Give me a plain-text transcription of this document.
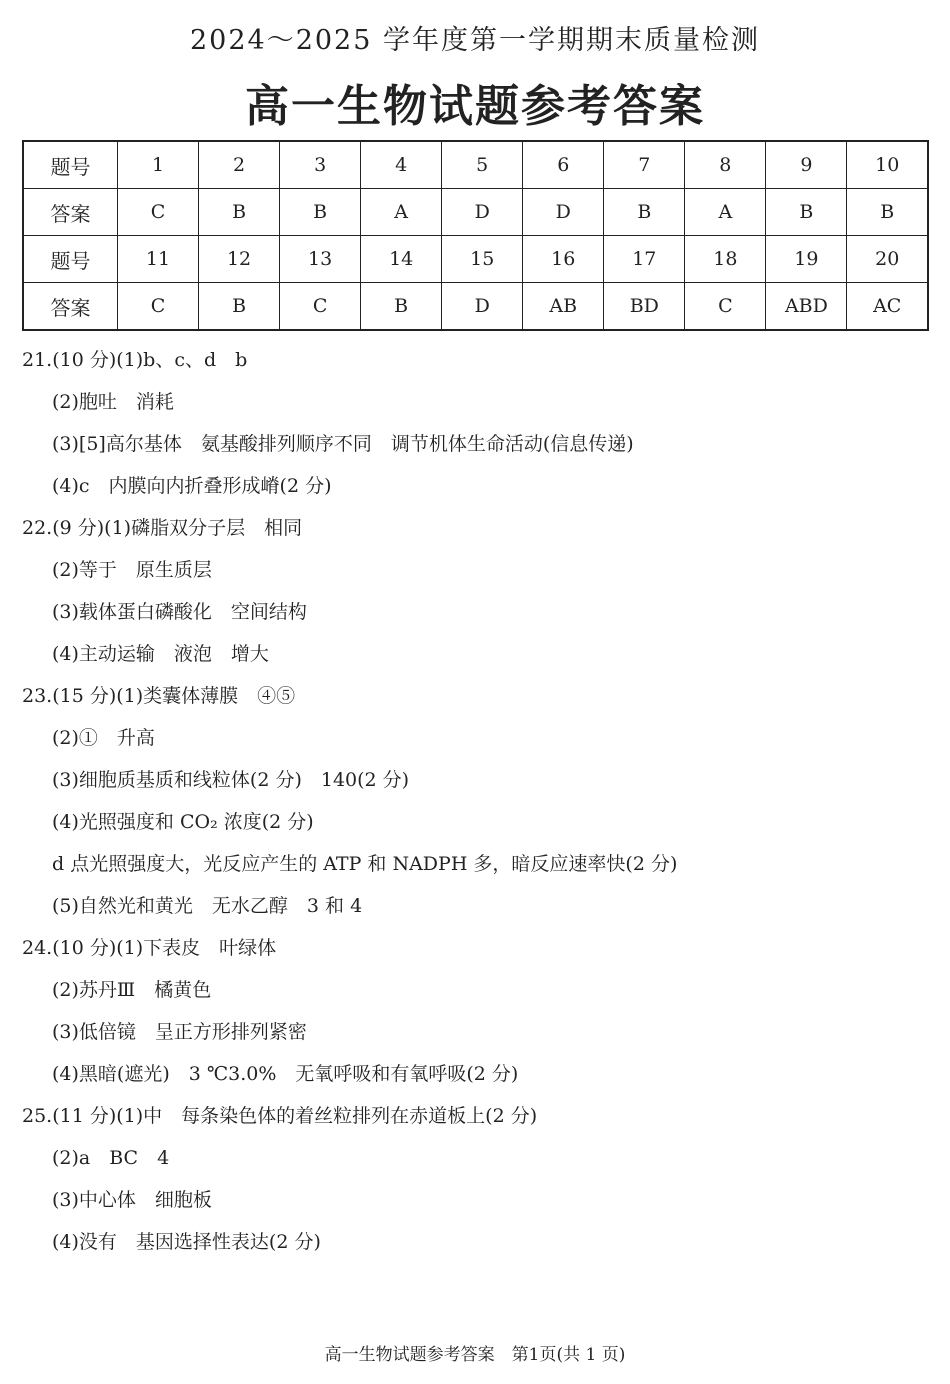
2024～2025 学年度第一学期期末质量检测
高一生物试题参考答案
题号	1	2	3	4	5	6	7	8	9	10
答案	C	B	B	A	D	D	B	A	B	B
题号	11	12	13	14	15	16	17	18	19	20
答案	C	B	C	B	D	AB	BD	C	ABD	AC
21.(10 分)(1)b、c、d　b
(2)胞吐　消耗
(3)[5]高尔基体　氨基酸排列顺序不同　调节机体生命活动(信息传递)
(4)c　内膜向内折叠形成嵴(2 分)
22.(9 分)(1)磷脂双分子层　相同
(2)等于　原生质层
(3)载体蛋白磷酸化　空间结构
(4)主动运输　液泡　增大
23.(15 分)(1)类囊体薄膜　④⑤
(2)①　升高
(3)细胞质基质和线粒体(2 分)　140(2 分)
(4)光照强度和 CO₂ 浓度(2 分)
d 点光照强度大，光反应产生的 ATP 和 NADPH 多，暗反应速率快(2 分)
(5)自然光和黄光　无水乙醇　3 和 4
24.(10 分)(1)下表皮　叶绿体
(2)苏丹Ⅲ　橘黄色
(3)低倍镜　呈正方形排列紧密
(4)黑暗(遮光)　3 ℃3.0%　无氧呼吸和有氧呼吸(2 分)
25.(11 分)(1)中　每条染色体的着丝粒排列在赤道板上(2 分)
(2)a　BC　4
(3)中心体　细胞板
(4)没有　基因选择性表达(2 分)
高一生物试题参考答案　第1页(共 1 页)
